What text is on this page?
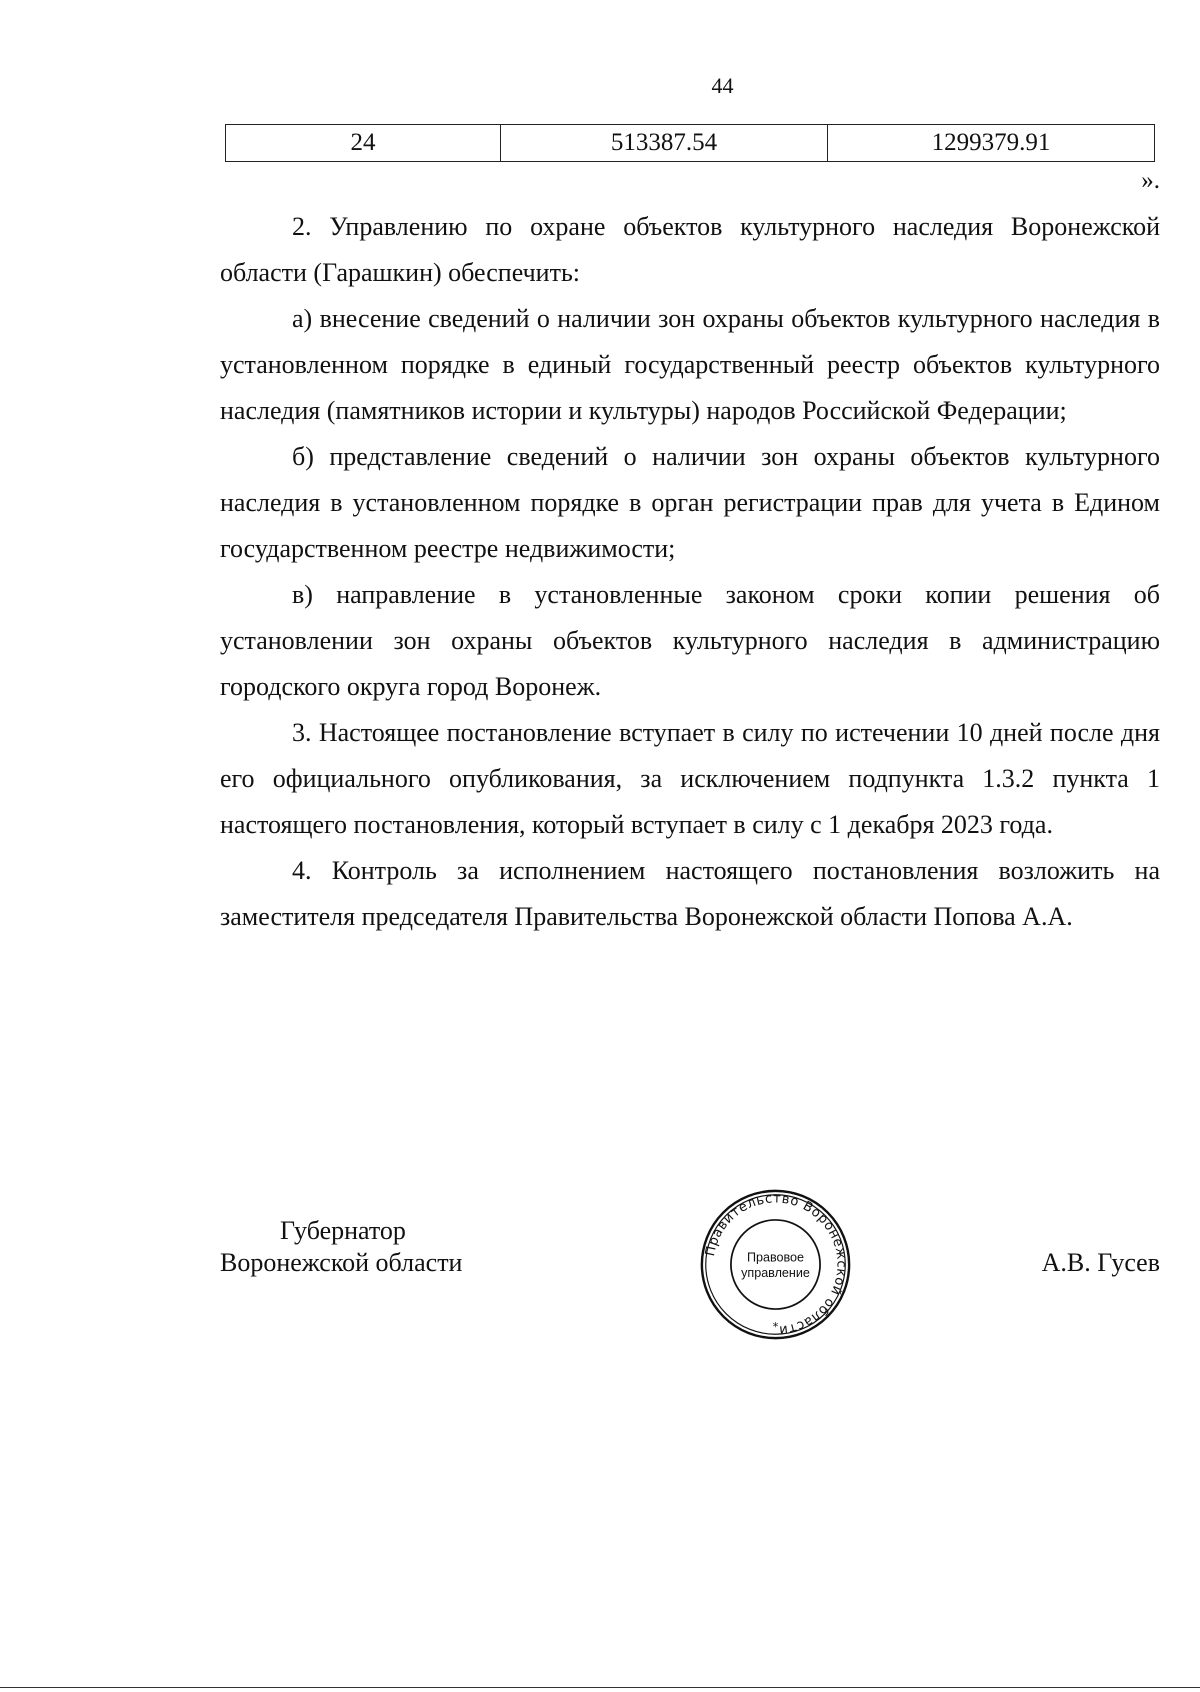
44
24	513387.54	1299379.91
».

2. Управлению по охране объектов культурного наследия Воронежской области (Гарашкин) обеспечить:

а) внесение сведений о наличии зон охраны объектов культурного наследия в установленном порядке в единый государственный реестр объектов культурного наследия (памятников истории и культуры) народов Российской Федерации;

б) представление сведений о наличии зон охраны объектов культурного наследия в установленном порядке в орган регистрации прав для учета в Едином государственном реестре недвижимости;

в) направление в установленные законом сроки копии решения об установлении зон охраны объектов культурного наследия в администрацию городского округа город Воронеж.

3. Настоящее постановление вступает в силу по истечении 10 дней после дня его официального опубликования, за исключением подпункта 1.3.2 пункта 1 настоящего постановления, который вступает в силу с 1 декабря 2023 года.

4. Контроль за исполнением настоящего постановления возложить на заместителя председателя Правительства Воронежской области Попова А.А.

Губернатор
Воронежской области	Правительство Воронежской области
Правовое
управление
*
А.В. Гусев
